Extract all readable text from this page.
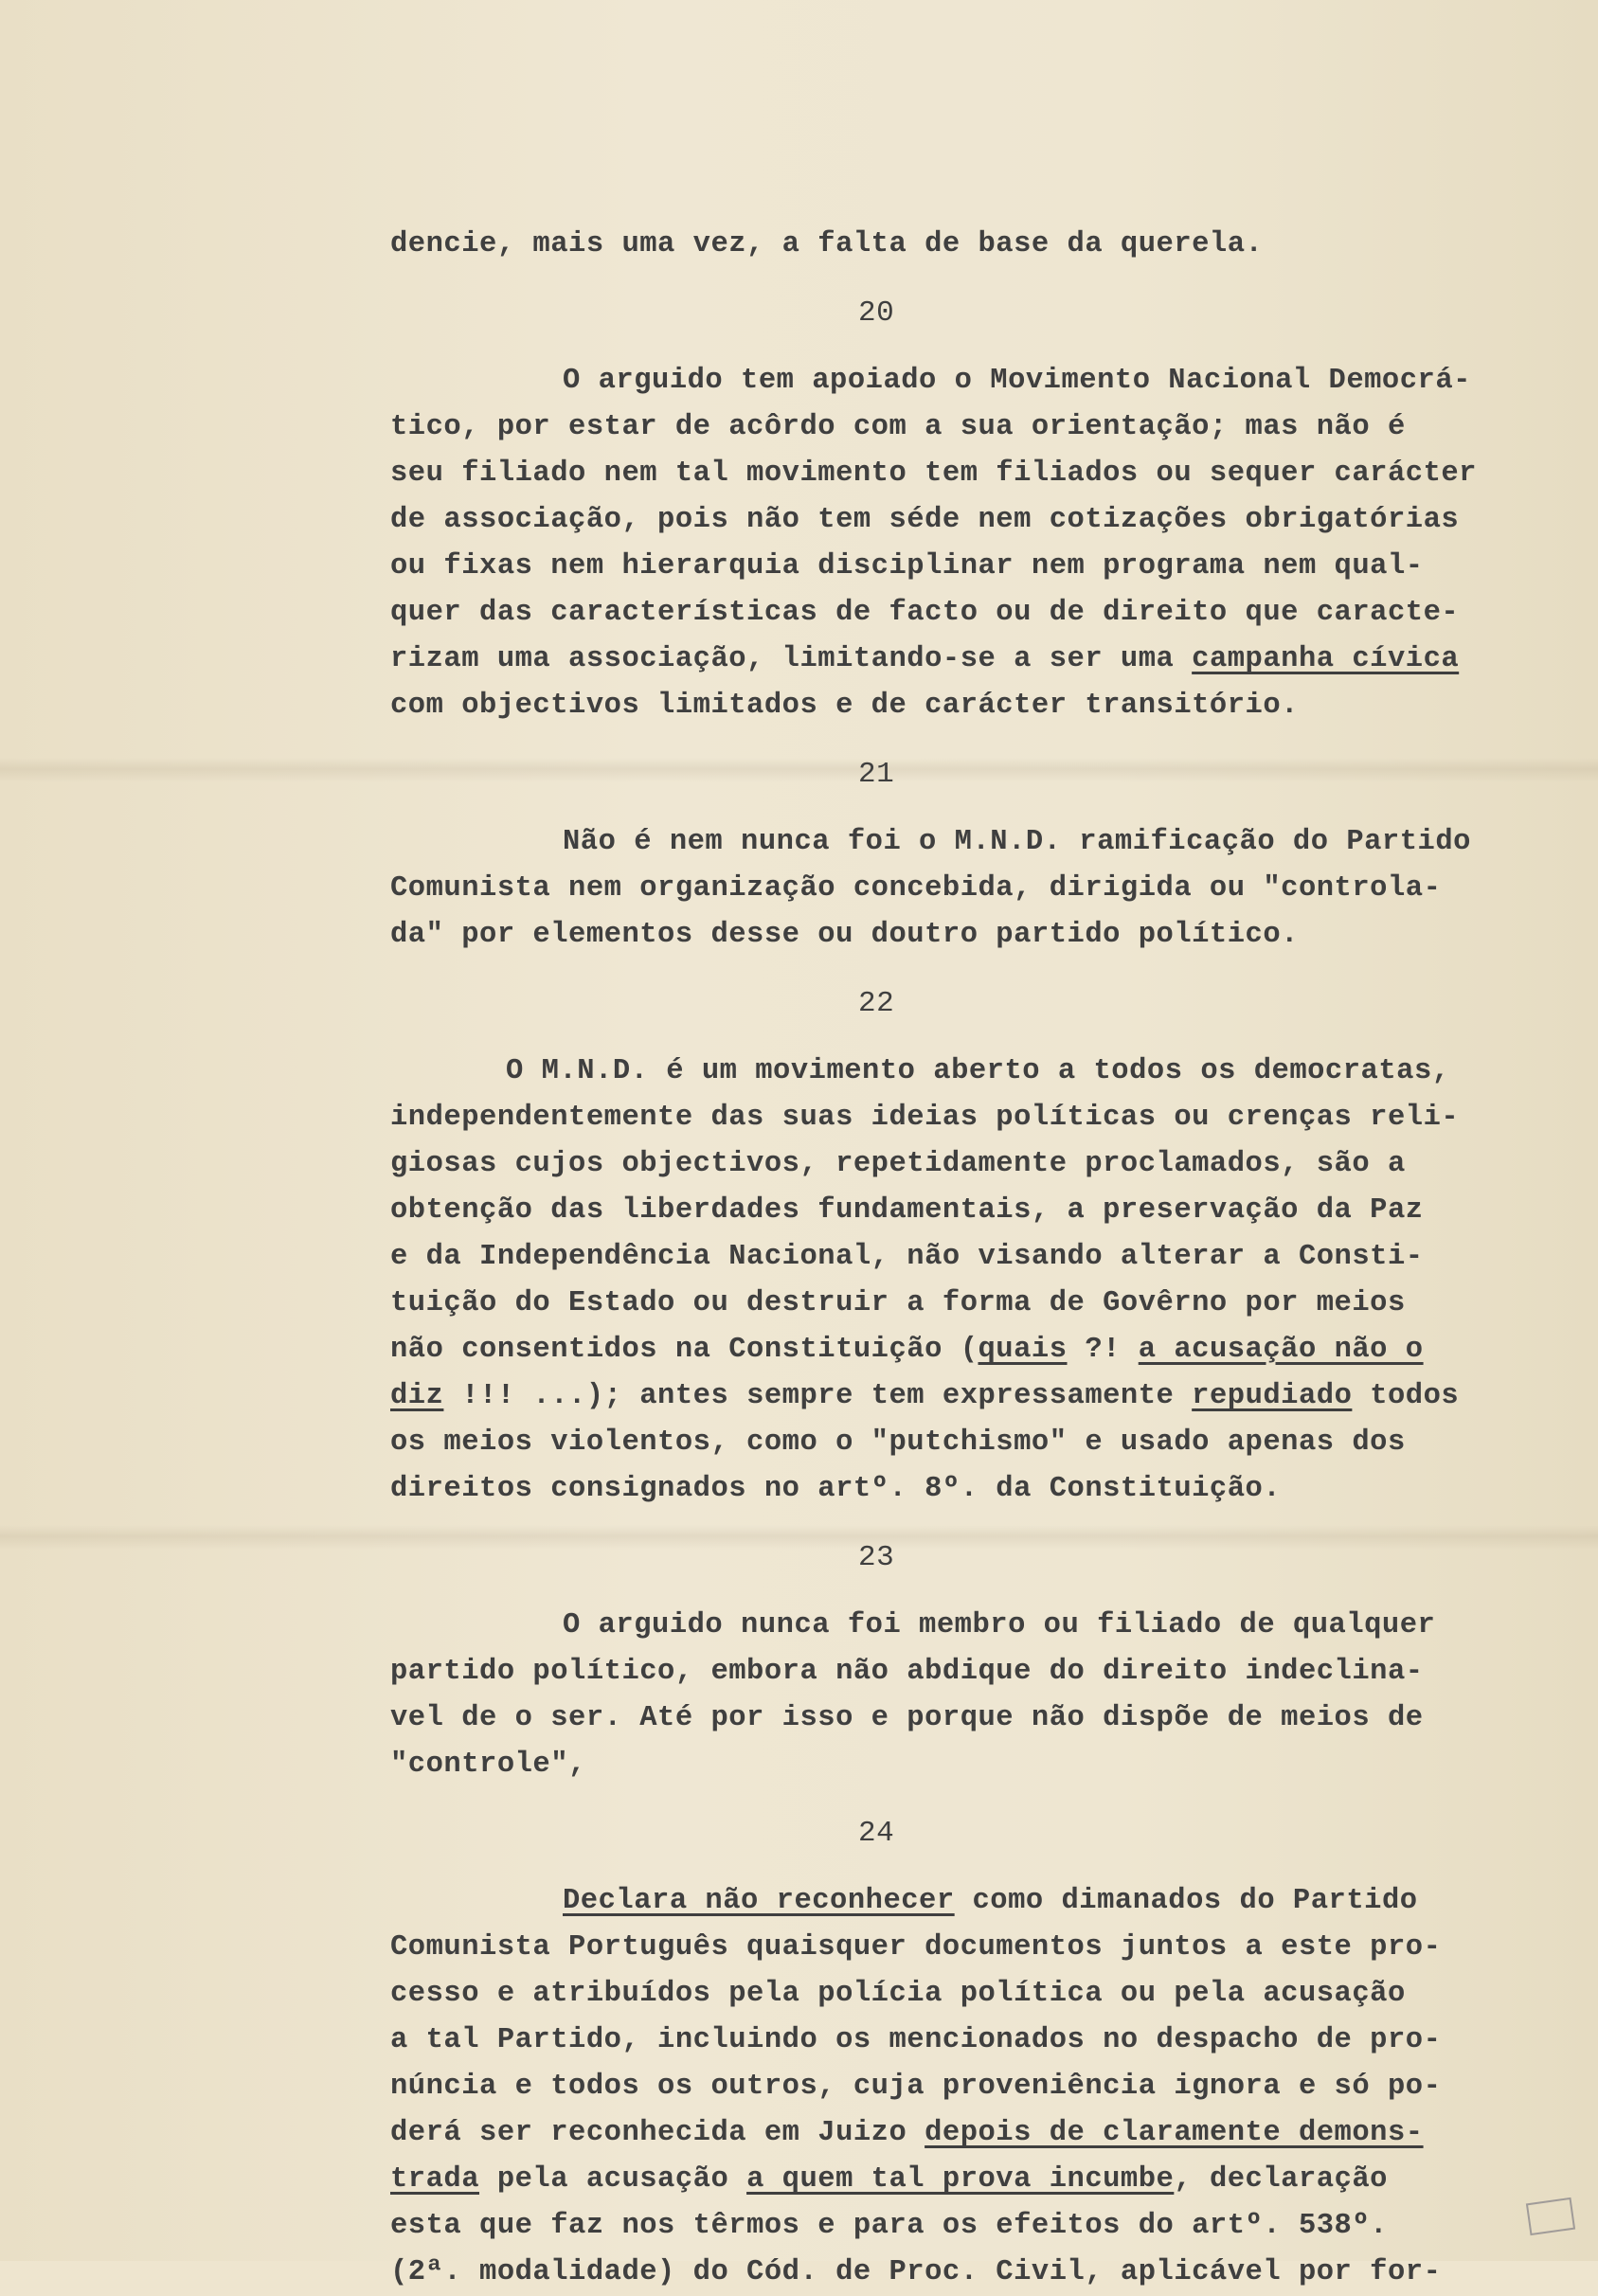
dencie, mais uma vez, a falta de base da querela.
20
O arguido tem apoiado o Movimento Nacional Democrá-
tico, por estar de acôrdo com a sua orientação; mas não é
seu filiado nem tal movimento tem filiados ou sequer carácter
de associação, pois não tem séde nem cotizações obrigatórias
ou fixas nem hierarquia disciplinar nem programa nem qual-
quer das características de facto ou de direito que caracte-
rizam uma associação, limitando-se a ser uma campanha cívica
com objectivos limitados e de carácter transitório.
21
Não é nem nunca foi o M.N.D. ramificação do Partido
Comunista nem organização concebida, dirigida ou "controla-
da" por elementos desse ou doutro partido político.
22
O M.N.D. é um movimento aberto a todos os democratas,
independentemente das suas ideias políticas ou crenças reli-
giosas cujos objectivos, repetidamente proclamados, são a
obtenção das liberdades fundamentais, a preservação da Paz
e da Independência Nacional, não visando alterar a Consti-
tuição do Estado ou destruir a forma de Govêrno por meios
não consentidos na Constituição (quais ?! a acusação não o
diz !!! ...); antes sempre tem expressamente repudiado todos
os meios violentos, como o "putchismo" e usado apenas dos
direitos consignados no artº. 8º. da Constituição.
23
O arguido nunca foi membro ou filiado de qualquer
partido político, embora não abdique do direito indeclina-
vel de o ser. Até por isso e porque não dispõe de meios de
"controle",
24
Declara não reconhecer como dimanados do Partido
Comunista Português quaisquer documentos juntos a este pro-
cesso e atribuídos pela polícia política ou pela acusação
a tal Partido, incluindo os mencionados no despacho de pro-
núncia e todos os outros, cuja proveniência ignora e só po-
derá ser reconhecida em Juizo depois de claramente demons-
trada pela acusação a quem tal prova incumbe, declaração
esta que faz nos têrmos e para os efeitos do artº. 538º.
(2ª. modalidade) do Cód. de Proc. Civil, aplicável por for-
